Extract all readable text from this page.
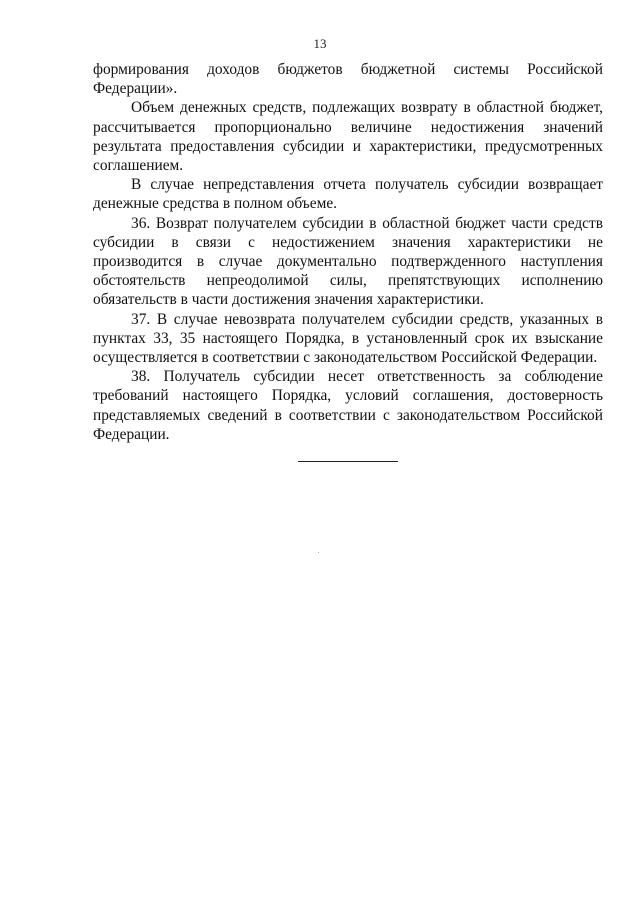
13

формирования доходов бюджетов бюджетной системы Российской Федерации».

Объем денежных средств, подлежащих возврату в областной бюджет, рассчитывается пропорционально величине недостижения значений результата предоставления субсидии и характеристики, предусмотренных соглашением.

В случае непредставления отчета получатель субсидии возвращает денежные средства в полном объеме.

36. Возврат получателем субсидии в областной бюджет части средств субсидии в связи с недостижением значения характеристики не производится в случае документально подтвержденного наступления обстоятельств непреодолимой силы, препятствующих исполнению обязательств в части достижения значения характеристики.

37. В случае невозврата получателем субсидии средств, указанных в пунктах 33, 35 настоящего Порядка, в установленный срок их взыскание осуществляется в соответствии с законодательством Российской Федерации.

38. Получатель субсидии несет ответственность за соблюдение требований настоящего Порядка, условий соглашения, достоверность представляемых сведений в соответствии с законодательством Российской Федерации.
